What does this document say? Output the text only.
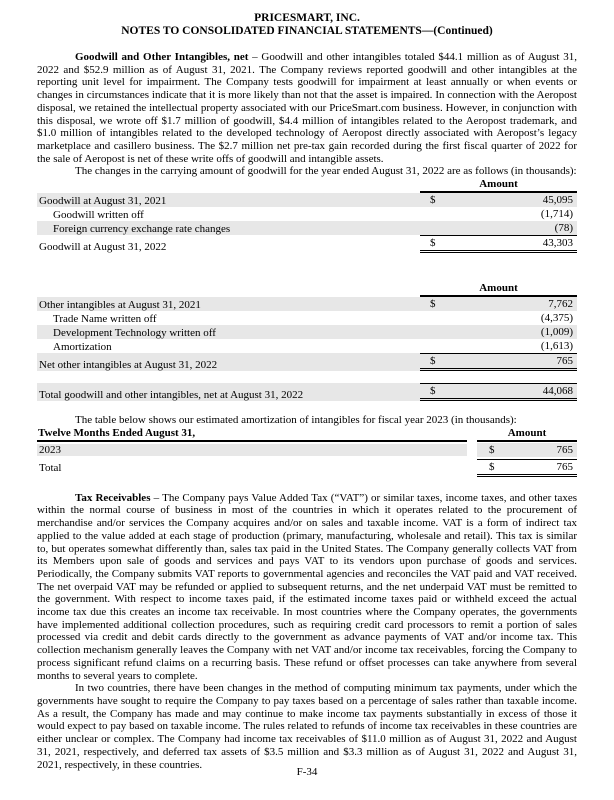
PRICESMART, INC.

NOTES TO CONSOLIDATED FINANCIAL STATEMENTS—(Continued)

Goodwill and Other Intangibles, net – Goodwill and other intangibles totaled $44.1 million as of August 31, 2022 and $52.9 million as of August 31, 2021. The Company reviews reported goodwill and other intangibles at the reporting unit level for impairment. The Company tests goodwill for impairment at least annually or when events or changes in circumstances indicate that it is more likely than not that the asset is impaired. In connection with the Aeropost disposal, we retained the intellectual property associated with our PriceSmart.com business. However, in conjunction with this disposal, we wrote off $1.7 million of goodwill, $4.4 million of intangibles related to the Aeropost trademark, and $1.0 million of intangibles related to the developed technology of Aeropost directly associated with Aeropost’s legacy marketplace and casillero business. The $2.7 million net pre-tax gain recorded during the first fiscal quarter of 2022 for the sale of Aeropost is net of these write offs of goodwill and intangible assets.

The changes in the carrying amount of goodwill for the year ended August 31, 2022 are as follows (in thousands):

Amount
Goodwill at August 31, 2021	$	45,095
Goodwill written off	(1,714)
Foreign currency exchange rate changes	(78)
Goodwill at August 31, 2022	$	43,303
Amount
Other intangibles at August 31, 2021	$	7,762
Trade Name written off	(4,375)
Development Technology written off	(1,009)
Amortization	(1,613)
Net other intangibles at August 31, 2022	$	765
Total goodwill and other intangibles, net at August 31, 2022	$	44,068

The table below shows our estimated amortization of intangibles for fiscal year 2023 (in thousands):

Twelve Months Ended August 31,	Amount
2023	$	765
Total	$	765

Tax Receivables – The Company pays Value Added Tax (“VAT”) or similar taxes, income taxes, and other taxes within the normal course of business in most of the countries in which it operates related to the procurement of merchandise and/or services the Company acquires and/or on sales and taxable income. VAT is a form of indirect tax applied to the value added at each stage of production (primary, manufacturing, wholesale and retail). This tax is similar to, but operates somewhat differently than, sales tax paid in the United States. The Company generally collects VAT from its Members upon sale of goods and services and pays VAT to its vendors upon purchase of goods and services. Periodically, the Company submits VAT reports to governmental agencies and reconciles the VAT paid and VAT received. The net overpaid VAT may be refunded or applied to subsequent returns, and the net underpaid VAT must be remitted to the government. With respect to income taxes paid, if the estimated income taxes paid or withheld exceed the actual income tax due this creates an income tax receivable. In most countries where the Company operates, the governments have implemented additional collection procedures, such as requiring credit card processors to remit a portion of sales processed via credit and debit cards directly to the government as advance payments of VAT and/or income tax. This collection mechanism generally leaves the Company with net VAT and/or income tax receivables, forcing the Company to process significant refund claims on a recurring basis. These refund or offset processes can take anywhere from several months to several years to complete.

In two countries, there have been changes in the method of computing minimum tax payments, under which the governments have sought to require the Company to pay taxes based on a percentage of sales rather than taxable income. As a result, the Company has made and may continue to make income tax payments substantially in excess of those it would expect to pay based on taxable income. The rules related to refunds of income tax receivables in these countries are either unclear or complex. The Company had income tax receivables of $11.0 million as of August 31, 2022 and August 31, 2021, respectively, and deferred tax assets of $3.5 million and $3.3 million as of August 31, 2022 and August 31, 2021, respectively, in these countries.

F-34
